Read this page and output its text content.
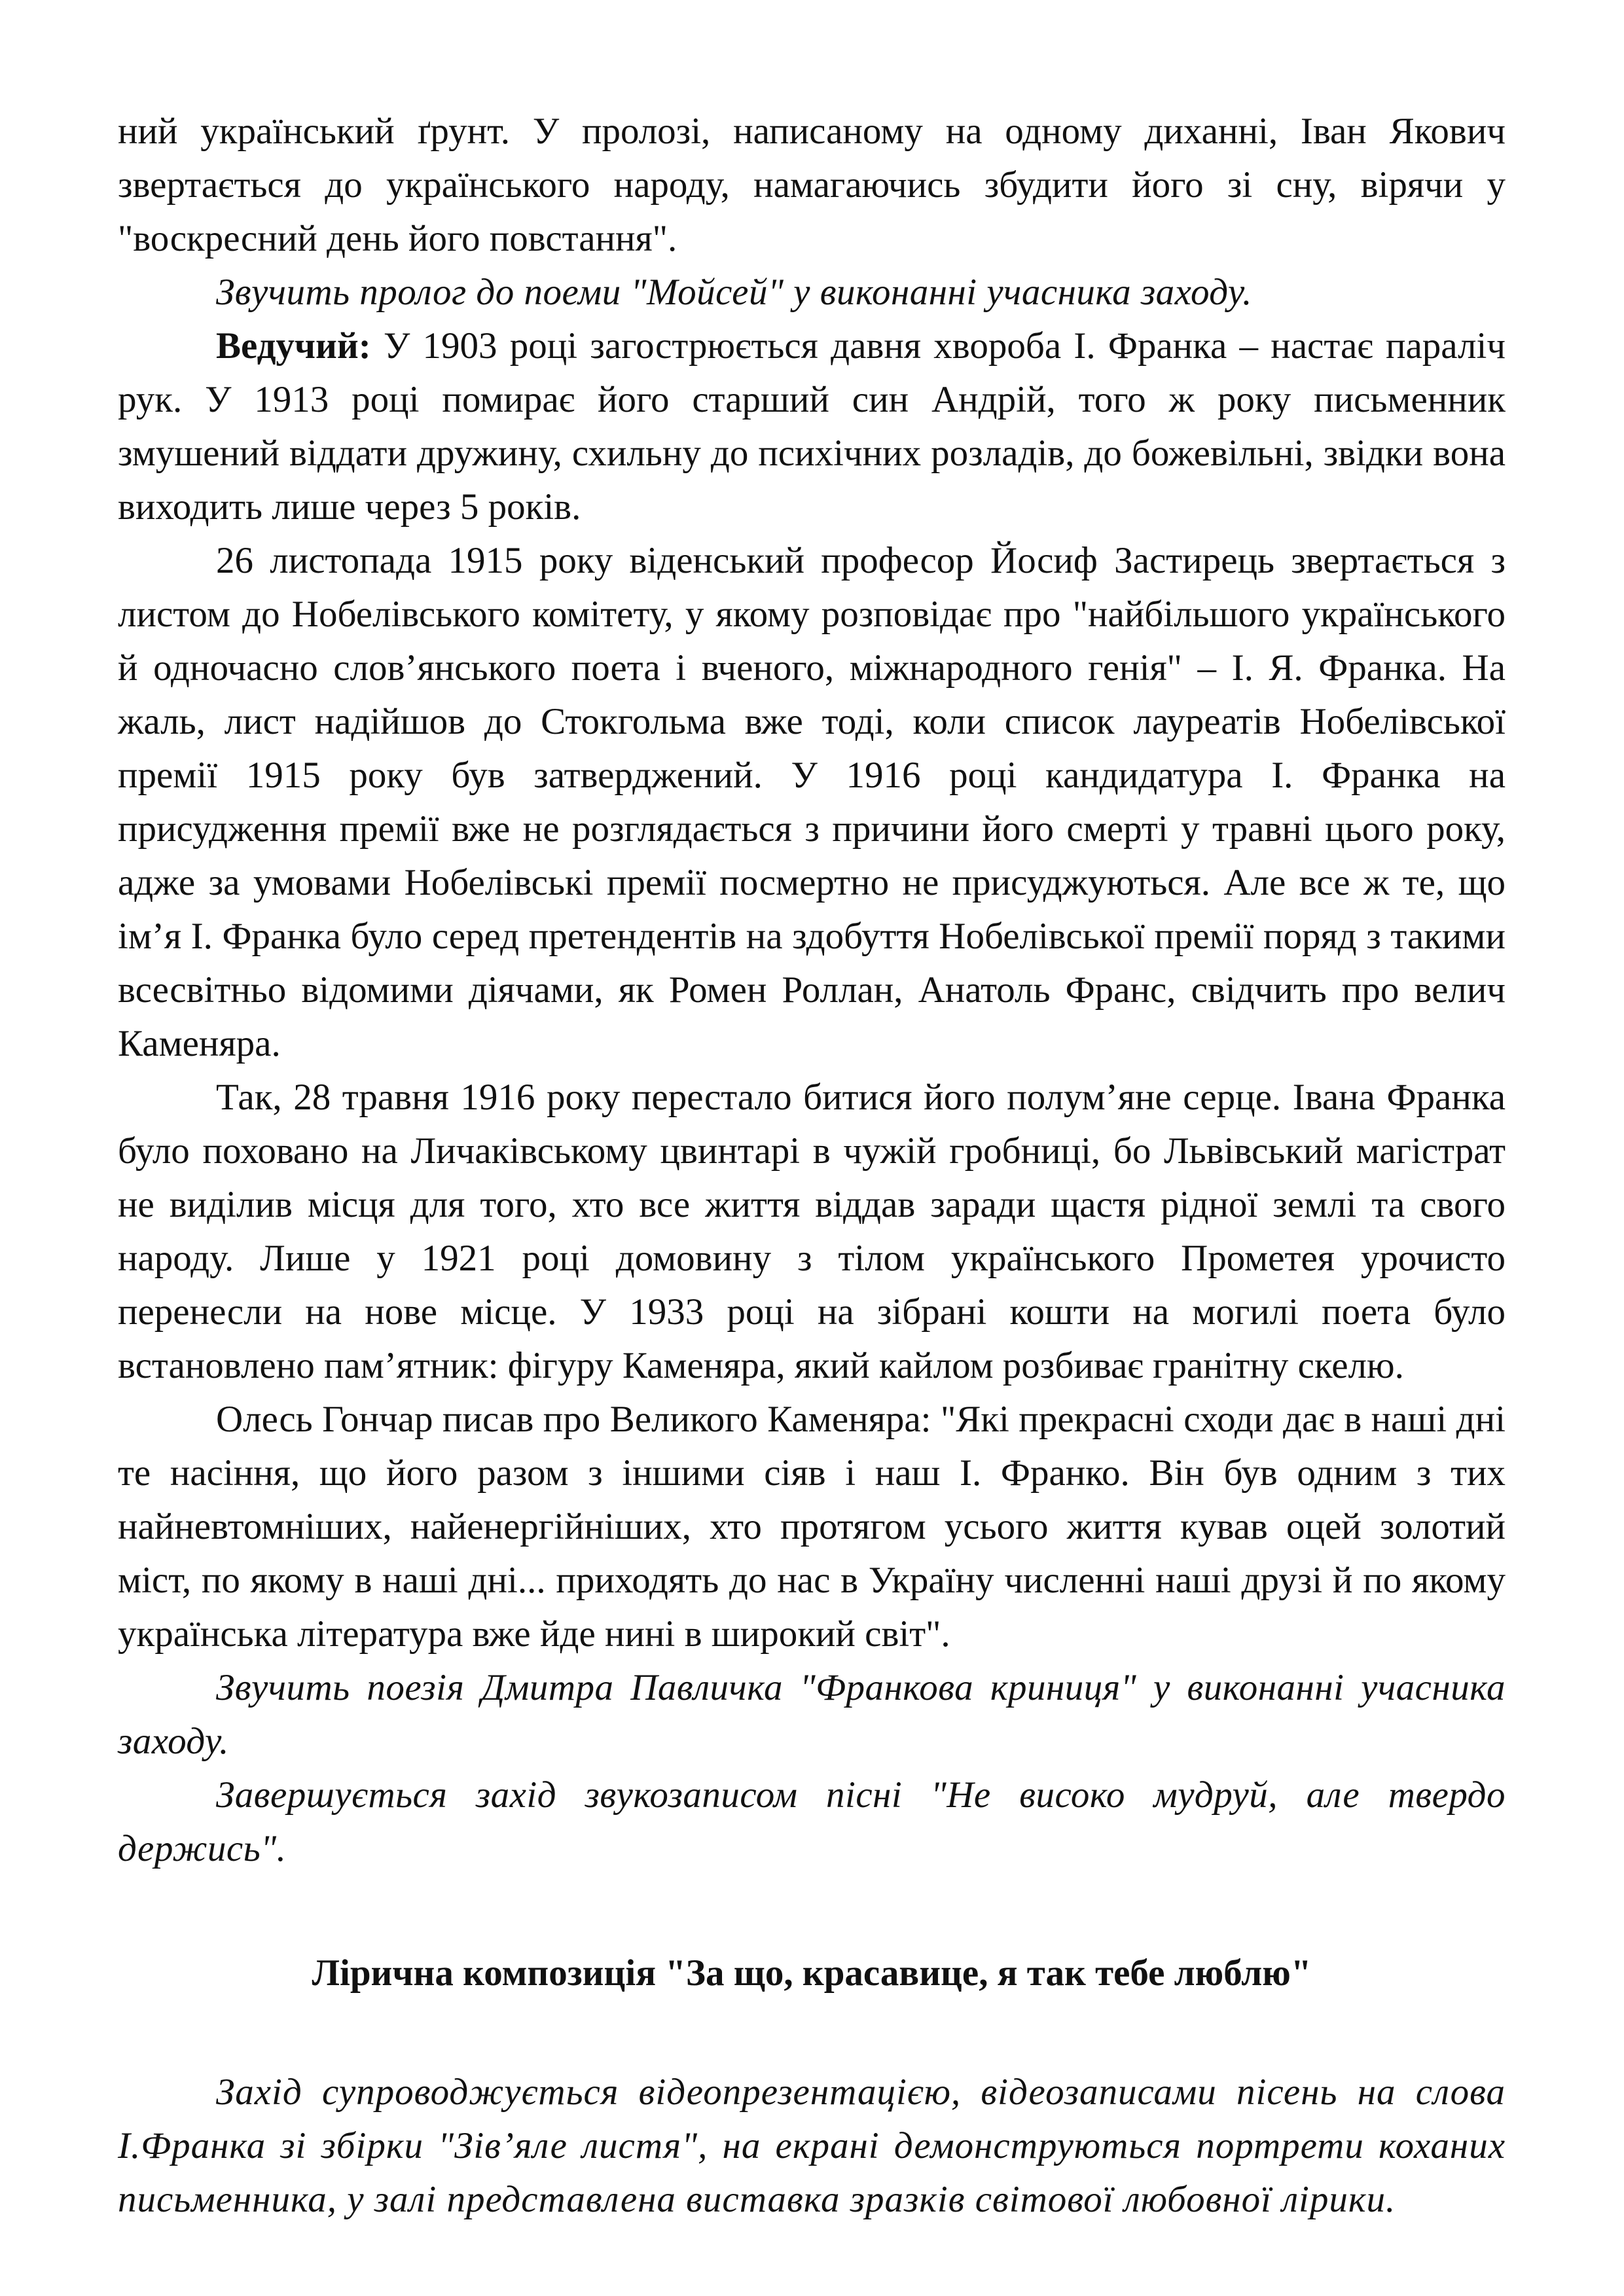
ний український ґрунт. У пролозі, написаному на одному диханні, Іван Якович звертається до українського народу, намагаючись збудити його зі сну, вірячи у "воскресний день його повстання".

Звучить пролог до поеми "Мойсей" у виконанні учасника заходу.

Ведучий: У 1903 році загострюється давня хвороба І. Франка – настає параліч рук. У 1913 році помирає його старший син Андрій, того ж року письменник змушений віддати дружину, схильну до психічних розладів, до божевільні, звідки вона виходить лише через 5 років.

26 листопада 1915 року віденський професор Йосиф Застирець звертається з листом до Нобелівського комітету, у якому розповідає про "найбільшого українського й одночасно слов’янського поета і вченого, міжнародного генія" – І. Я. Франка. На жаль, лист надійшов до Стокгольма вже тоді, коли список лауреатів Нобелівської премії 1915 року був затверджений. У 1916 році кандидатура І. Франка на присудження премії вже не розглядається з причини його смерті у травні цього року, адже за умовами Нобелівські премії посмертно не присуджуються. Але все ж те, що ім’я І. Франка було серед претендентів на здобуття Нобелівської премії поряд з такими всесвітньо відомими діячами, як Ромен Роллан, Анатоль Франс, свідчить про велич Каменяра.

Так, 28 травня 1916 року перестало битися його полум’яне серце. Івана Франка було поховано на Личаківському цвинтарі в чужій гробниці, бо Львівський магістрат не виділив місця для того, хто все життя віддав заради щастя рідної землі та свого народу. Лише у 1921 році домовину з тілом українського Прометея урочисто перенесли на нове місце. У 1933 році на зібрані кошти на могилі поета було встановлено пам’ятник: фігуру Каменяра, який кайлом розбиває гранітну скелю.

Олесь Гончар писав про Великого Каменяра: "Які прекрасні сходи дає в наші дні те насіння, що його разом з іншими сіяв і наш І. Франко. Він був одним з тих найневтомніших, найенергійніших, хто протягом усього життя кував оцей золотий міст, по якому в наші дні... приходять до нас в Україну численні наші друзі й по якому українська література вже йде нині в широкий світ".

Звучить поезія Дмитра Павличка "Франкова криниця" у виконанні учасника заходу.

Завершується захід звукозаписом пісні "Не високо мудруй, але твердо держись".

Лірична композиція "За що, красавице, я так тебе люблю"

Захід супроводжується відеопрезентацією, відеозаписами пісень на слова І.Франка зі збірки "Зів’яле листя", на екрані демонструються портрети коханих письменника, у залі представлена виставка зразків світової любовної лірики.
